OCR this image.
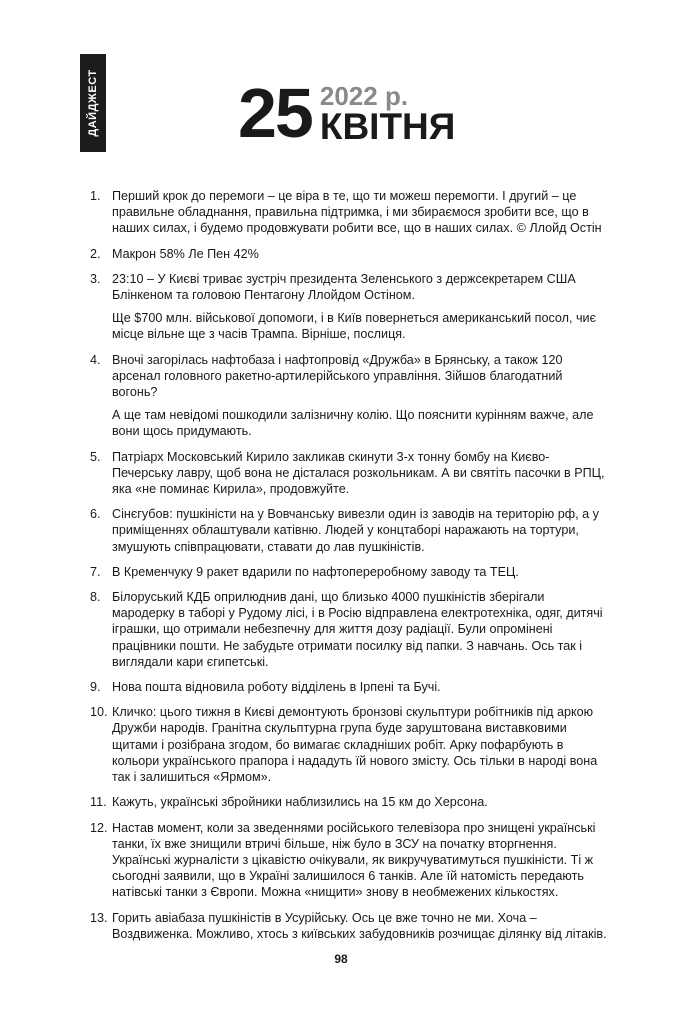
ДАЙДЖЕСТ 25 2022 р.
КВІТНЯ
1. Перший крок до перемоги – це віра в те, що ти можеш перемогти. І другий – це правильне обладнання, правильна підтримка, і ми збираємося зробити все, що в наших силах, і будемо продовжувати робити все, що в наших силах. © Ллойд Остін

2. Макрон 58% Ле Пен 42%

3. 23:10 – У Києві триває зустріч президента Зеленського з держсекретарем США Блінкеном та головою Пентагону Ллойдом Остіном.

Ще $700 млн. військової допомоги, і в Київ повернеться американський посол, чиє місце вільне ще з часів Трампа. Вірніше, послиця.

4. Вночі загорілась нафтобаза і нафтопровід «Дружба» в Брянську, а також 120 арсенал головного ракетно-артилерійського управління. Зійшов благодатний вогонь?

А ще там невідомі пошкодили залізничну колію. Що пояснити курінням важче, але вони щось придумають.

5. Патріарх Московський Кирило закликав скинути 3-х тонну бомбу на Києво-Печерську лавру, щоб вона не дісталася розкольникам. А ви святіть пасочки в РПЦ, яка «не поминає Кирила», продовжуйте.

6. Сінєгубов: пушкіністи на у Вовчанську вивезли один із заводів на територію рф, а у приміщеннях облаштували катівню. Людей у концтаборі наражають на тортури, змушують співпрацювати, ставати до лав пушкіністів.

7. В Кременчуку 9 ракет вдарили по нафтопереробному заводу та ТЕЦ.

8. Білоруський КДБ оприлюднив дані, що близько 4000 пушкіністів зберігали мародерку в таборі у Рудому лісі, і в Росію відправлена електротехніка, одяг, дитячі іграшки, що отримали небезпечну для життя дозу радіації. Були опромінені працівники пошти. Не забудьте отримати посилку від папки. З навчань. Ось так і виглядали кари єгипетські.

9. Нова пошта відновила роботу відділень в Ірпені та Бучі.

10. Кличко: цього тижня в Києві демонтують бронзові скульптури робітників під аркою Дружби народів. Гранітна скульптурна група буде заруштована виставковими щитами і розібрана згодом, бо вимагає складніших робіт. Арку пофарбують в кольори українського прапора і нададуть їй нового змісту. Ось тільки в народі вона так і залишиться «Ярмом».

11. Кажуть, українські збройники наблизились на 15 км до Херсона.

12. Настав момент, коли за зведеннями російського телевізора про знищені українські танки, їх вже знищили втричі більше, ніж було в ЗСУ на початку вторгнення. Українські журналісти з цікавістю очікували, як викручуватимуться пушкіністи. Ті ж сьогодні заявили, що в Україні залишилося 6 танків. Але їй натомість передають натівські танки з Європи. Можна «нищити» знову в необмежених кількостях.

13. Горить авіабаза пушкіністів в Усурійську. Ось це вже точно не ми. Хоча – Воздвиженка. Можливо, хтось з київських забудовників розчищає ділянку від літаків.

98
